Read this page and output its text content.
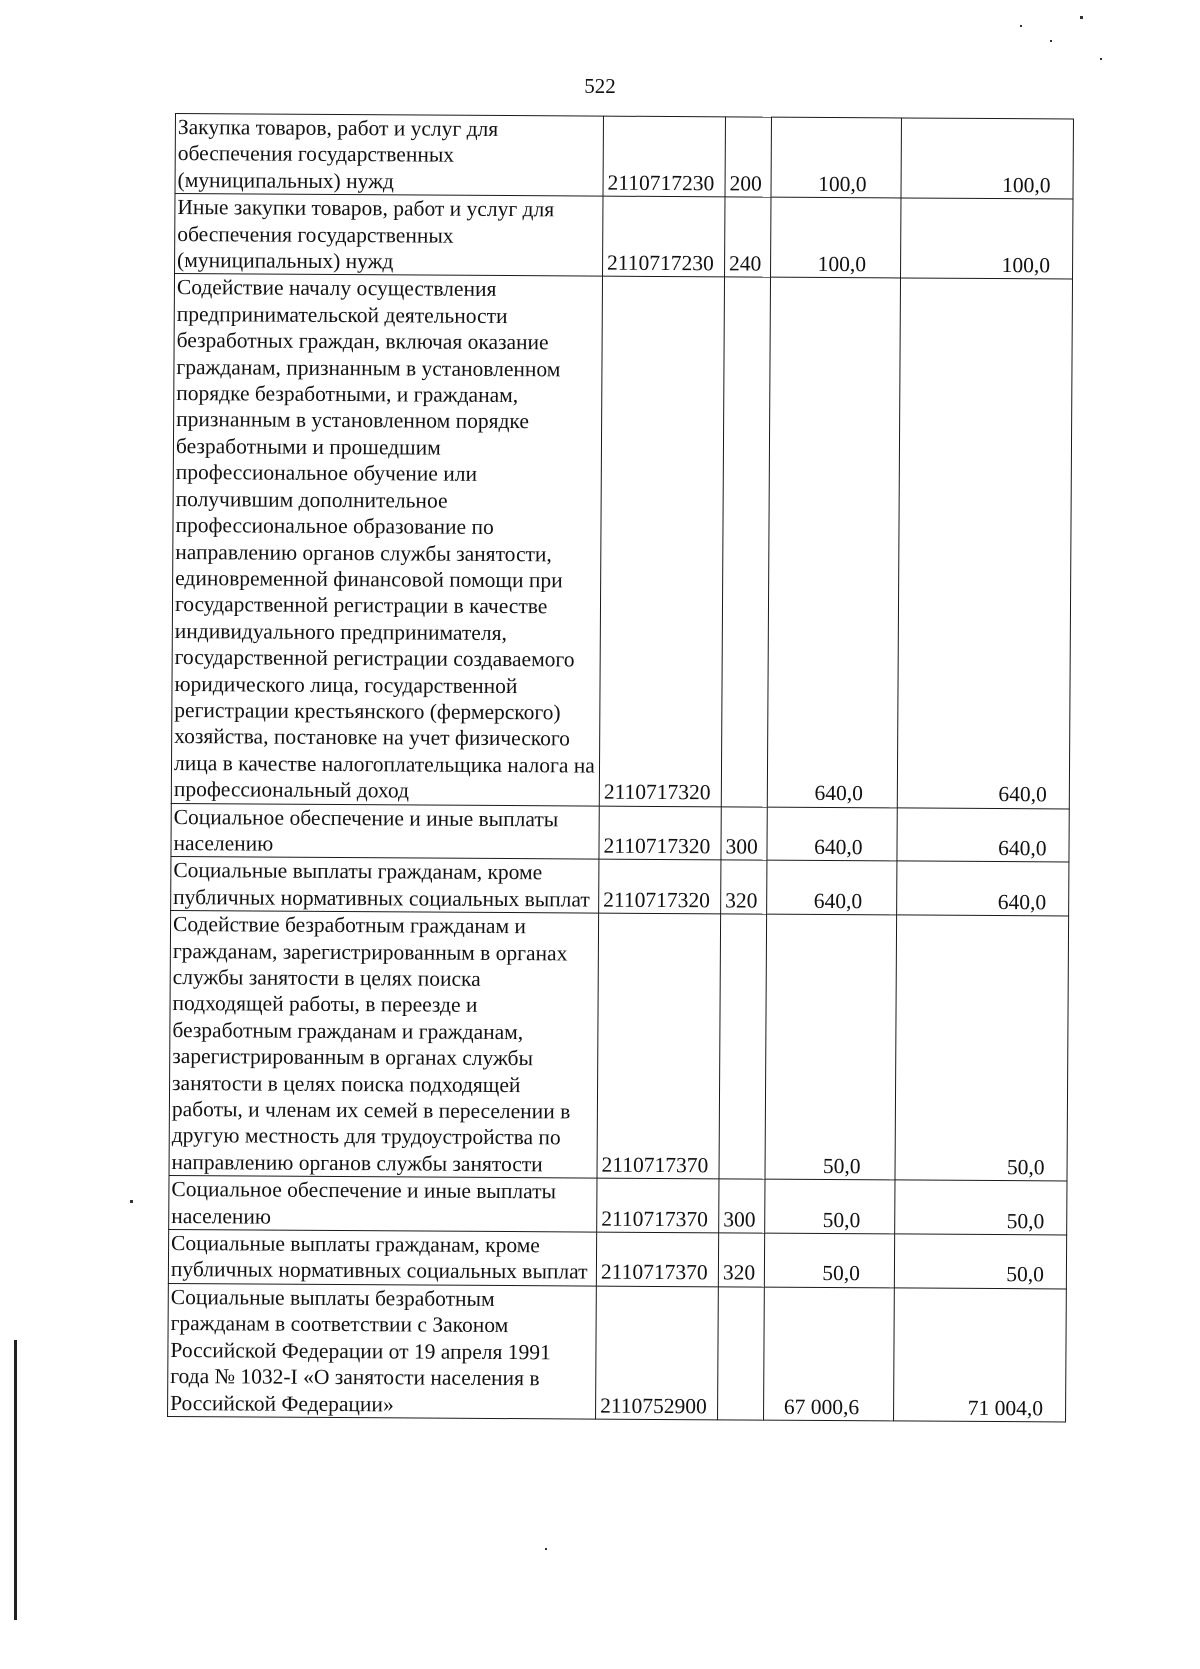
522
Закупка товаров, работ и услуг для обеспечения государственных (муниципальных) нужд	2110717230	200	100,0	100,0
Иные закупки товаров, работ и услуг для обеспечения государственных (муниципальных) нужд	2110717230	240	100,0	100,0
Содействие началу осуществления предпринимательской деятельности безработных граждан, включая оказание гражданам, признанным в установленном порядке безработными, и гражданам, признанным в установленном порядке безработными и прошедшим профессиональное обучение или получившим дополнительное профессиональное образование по направлению органов службы занятости, единовременной финансовой помощи при государственной регистрации в качестве индивидуального предпринимателя, государственной регистрации создаваемого юридического лица, государственной регистрации крестьянского (фермерского) хозяйства, постановке на учет физического лица в качестве налогоплательщика налога на профессиональный доход	2110717320		640,0	640,0
Социальное обеспечение и иные выплаты населению	2110717320	300	640,0	640,0
Социальные выплаты гражданам, кроме публичных нормативных социальных выплат	2110717320	320	640,0	640,0
Содействие безработным гражданам и гражданам, зарегистрированным в органах службы занятости в целях поиска подходящей работы, в переезде и безработным гражданам и гражданам, зарегистрированным в органах службы занятости в целях поиска подходящей работы, и членам их семей в переселении в другую местность для трудоустройства по направлению органов службы занятости	2110717370		50,0	50,0
Социальное обеспечение и иные выплаты населению	2110717370	300	50,0	50,0
Социальные выплаты гражданам, кроме публичных нормативных социальных выплат	2110717370	320	50,0	50,0
Социальные выплаты безработным гражданам в соответствии с Законом Российской Федерации от 19 апреля 1991 года № 1032-I «О занятости населения в Российской Федерации»	2110752900		67 000,6	71 004,0
